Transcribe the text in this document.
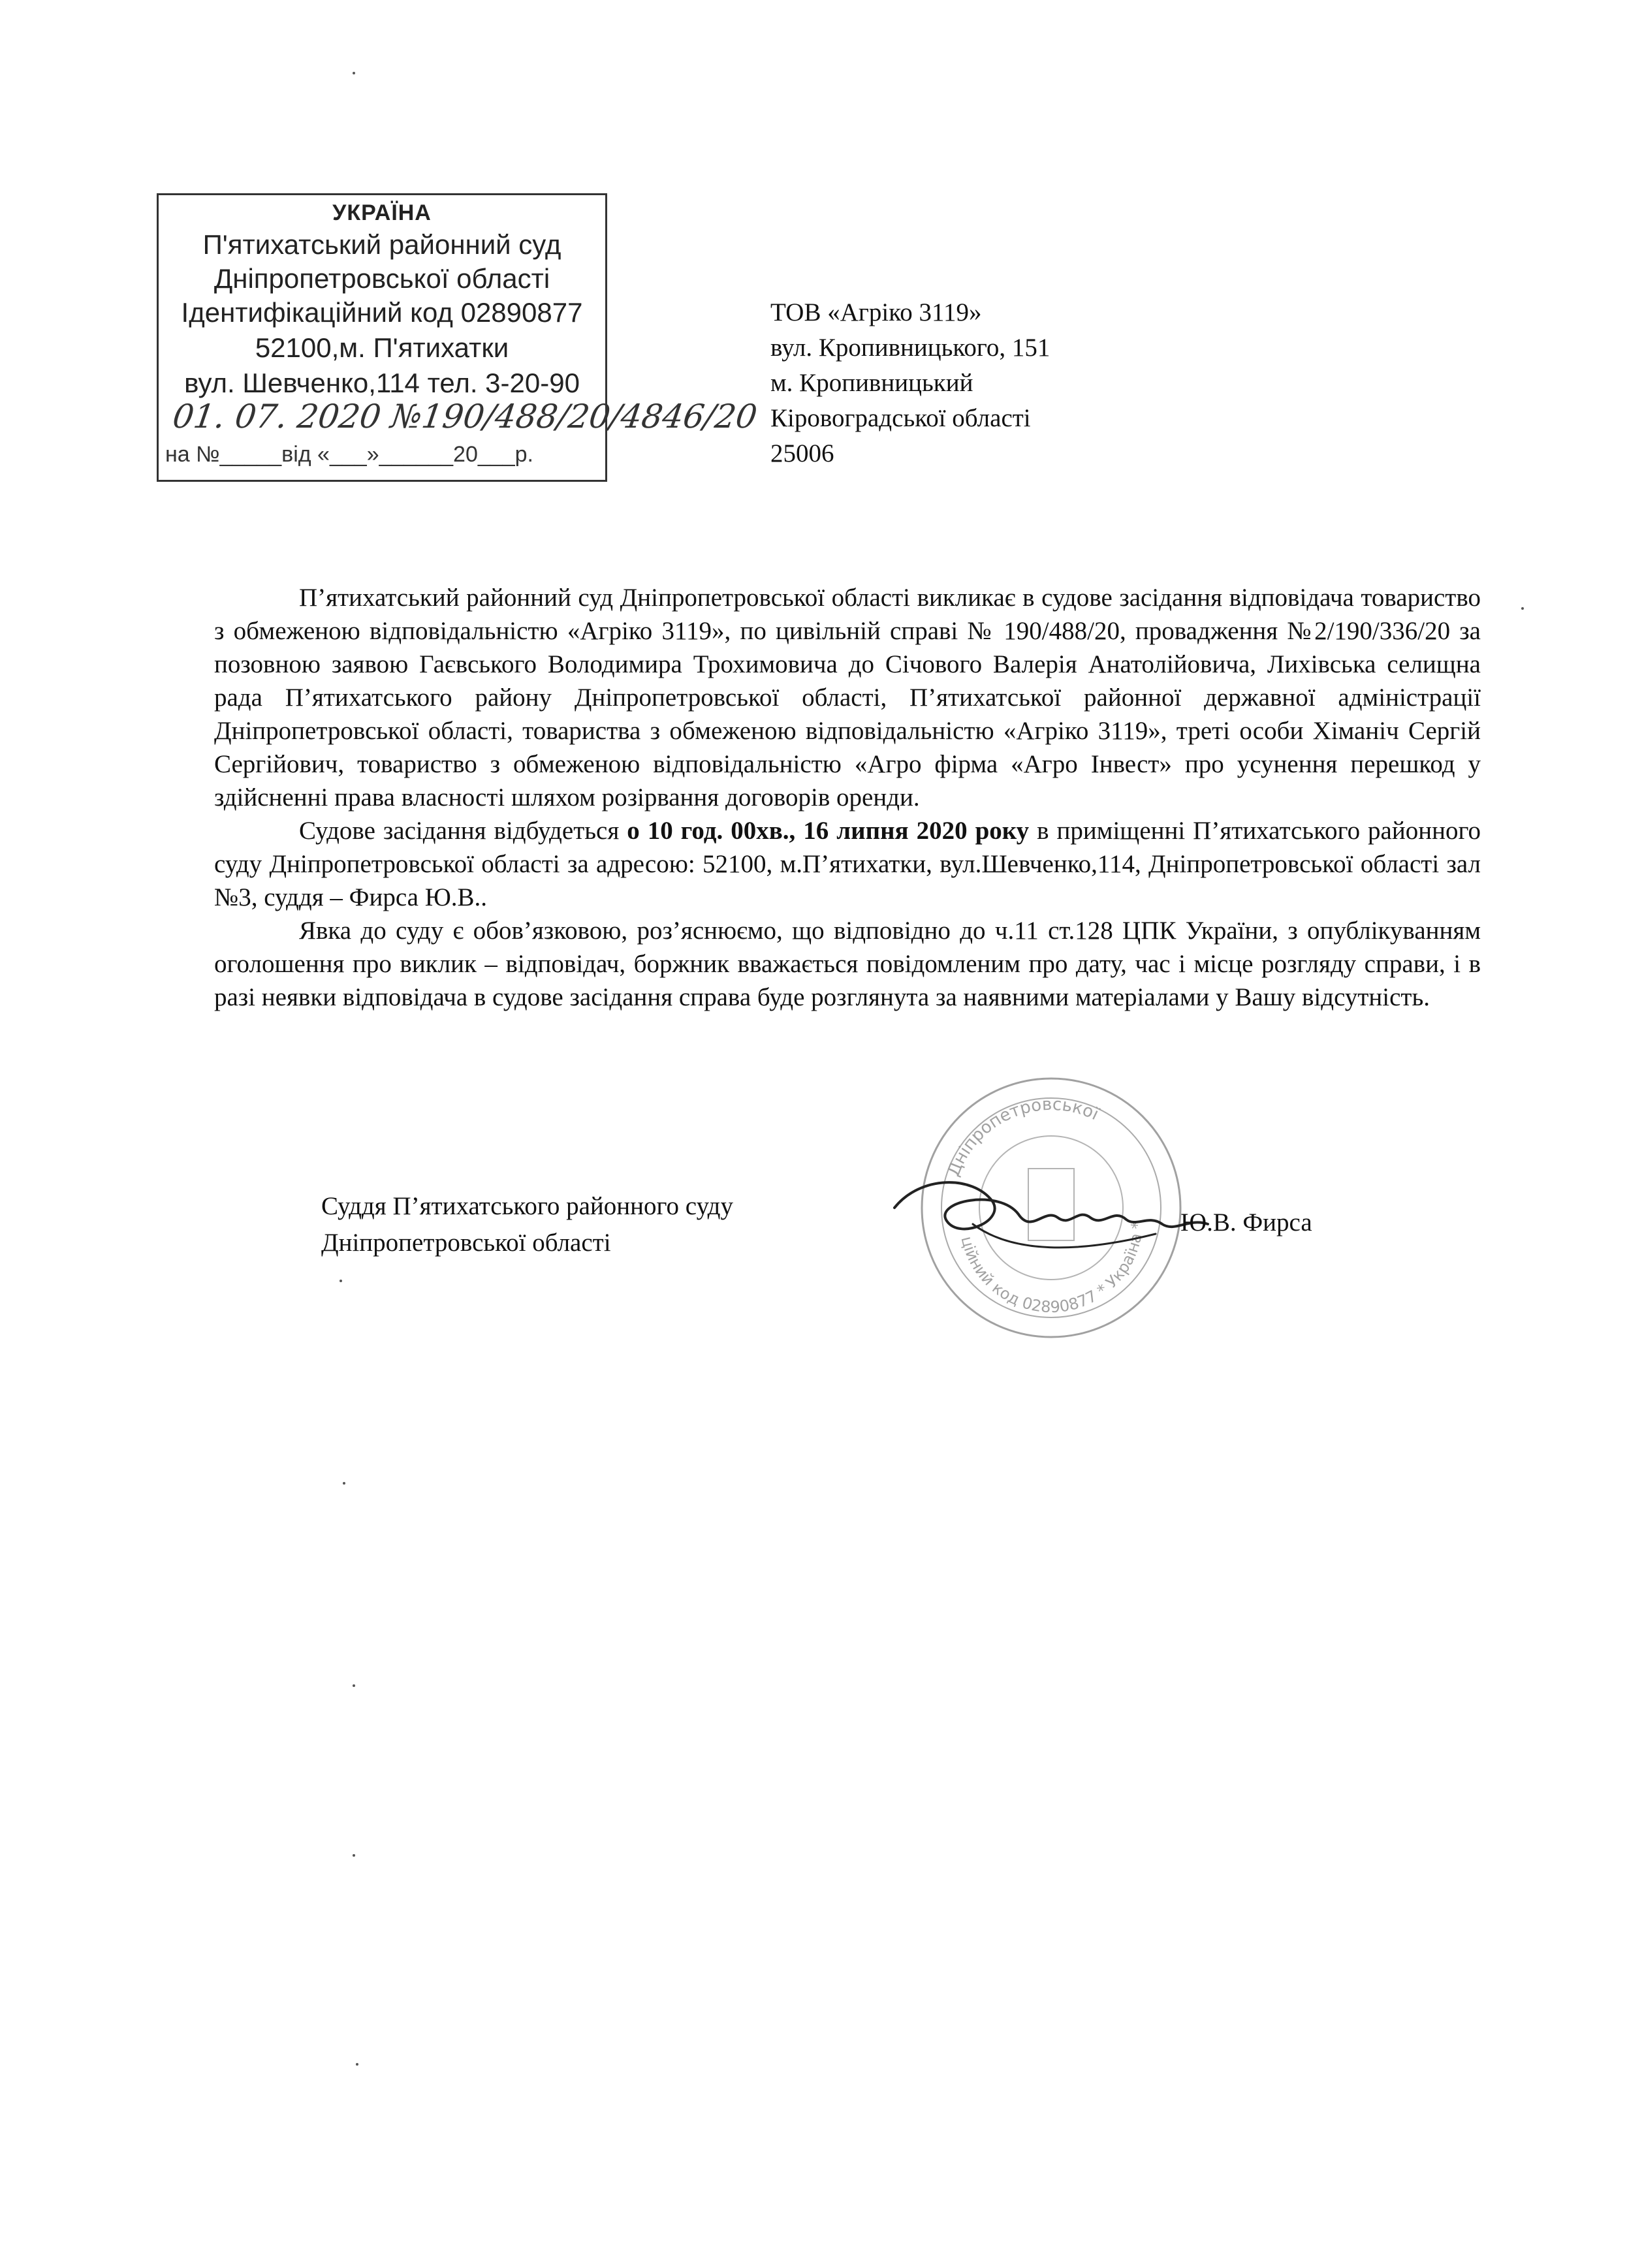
УКРАЇНА
П'ятихатський районний суд
Дніпропетровської області
Ідентифікаційний код 02890877
52100,м. П'ятихатки
вул. Шевченко,114 тел. 3-20-90
01. 07. 2020 №190/488/20/4846/20
на №_____від «___»______20___р.
ТОВ «Агріко 3119»
вул. Кропивницького, 151
м. Кропивницький
Кіровоградської області
25006

П’ятихатський районний суд Дніпропетровської області викликає в судове засідання відповідача товариство з обмеженою відповідальністю «Агріко 3119», по цивільній справі № 190/488/20, провадження №2/190/336/20 за позовною заявою Гаєвського Володимира Трохимовича до Січового Валерія Анатолійовича, Лихівська селищна рада П’ятихатського району Дніпропетровської області, П’ятихатської районної державної адміністрації Дніпропетровської області, товариства з обмеженою відповідальністю «Агріко 3119», треті особи Хіманіч Сергій Сергійович, товариство з обмеженою відповідальністю «Агро фірма «Агро Інвест» про усунення перешкод у здійсненні права власності шляхом розірвання договорів оренди.

Судове засідання відбудеться о 10 год. 00хв., 16 липня 2020 року в приміщенні П’ятихатського районного суду Дніпропетровської області за адресою: 52100, м.П’ятихатки, вул.Шевченко,114, Дніпропетровської області зал №3, суддя – Фирса Ю.В..

Явка до суду є обов’язковою, роз’яснюємо, що відповідно до ч.11 ст.128 ЦПК України, з опублікуванням оголошення про виклик – відповідач, боржник вважається повідомленим про дату, час і місце розгляду справи, і в разі неявки відповідача в судове засідання справа буде розглянута за наявними матеріалами у Вашу відсутність.

Дніпропетровської
ційний код 02890877 * Україна *
Суддя П’ятихатського районного суду
Дніпропетровської області
Ю.В. Фирса
